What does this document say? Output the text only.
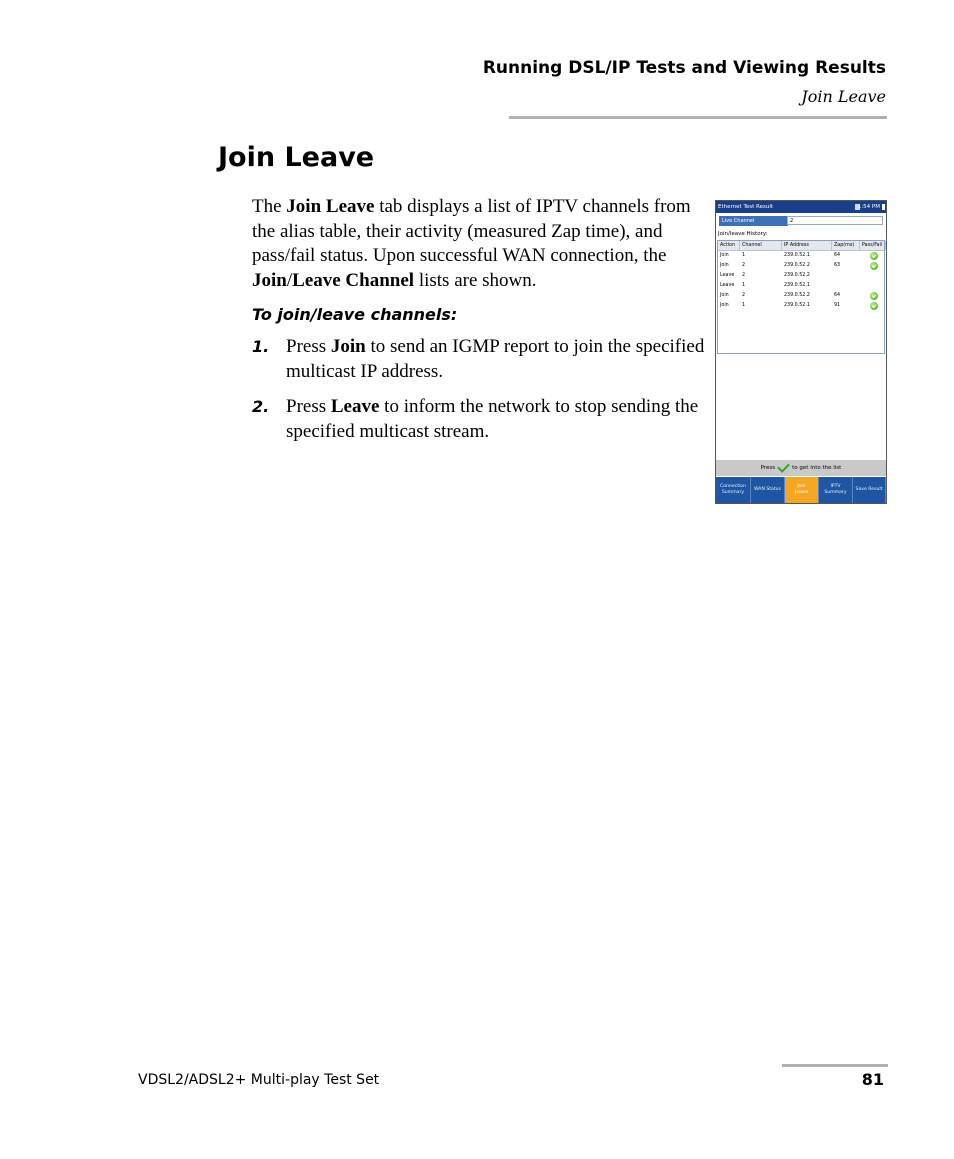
Running DSL/IP Tests and Viewing Results
Join Leave
Join Leave

The Join Leave tab displays a list of IPTV channels from the alias table, their activity (measured Zap time), and pass/fail status. Upon successful WAN connection, the Join/Leave Channel lists are shown.

To join/leave channels:
1. Press Join to send an IGMP report to join the specified multicast IP address.
2. Press Leave to inform the network to stop sending the specified multicast stream.
Ethernet Test Result	1:54 PM
Live Channel	2
Join/leave History:
Action	Channel	IP Address	Zap(ms)	Pass/Fail
Join	1	239.0.52.1	64
Join	2	239.0.52.2	63
Leave	2	239.0.52.2
Leave	1	239.0.52.1
Join	2	239.0.52.2	64
Join	1	239.0.52.1	91
Press	to get into the list
Connection
Summary
WAN Status
Join
Leave
IPTV
Summary
Save Result
VDSL2/ADSL2+ Multi-play Test Set	81
